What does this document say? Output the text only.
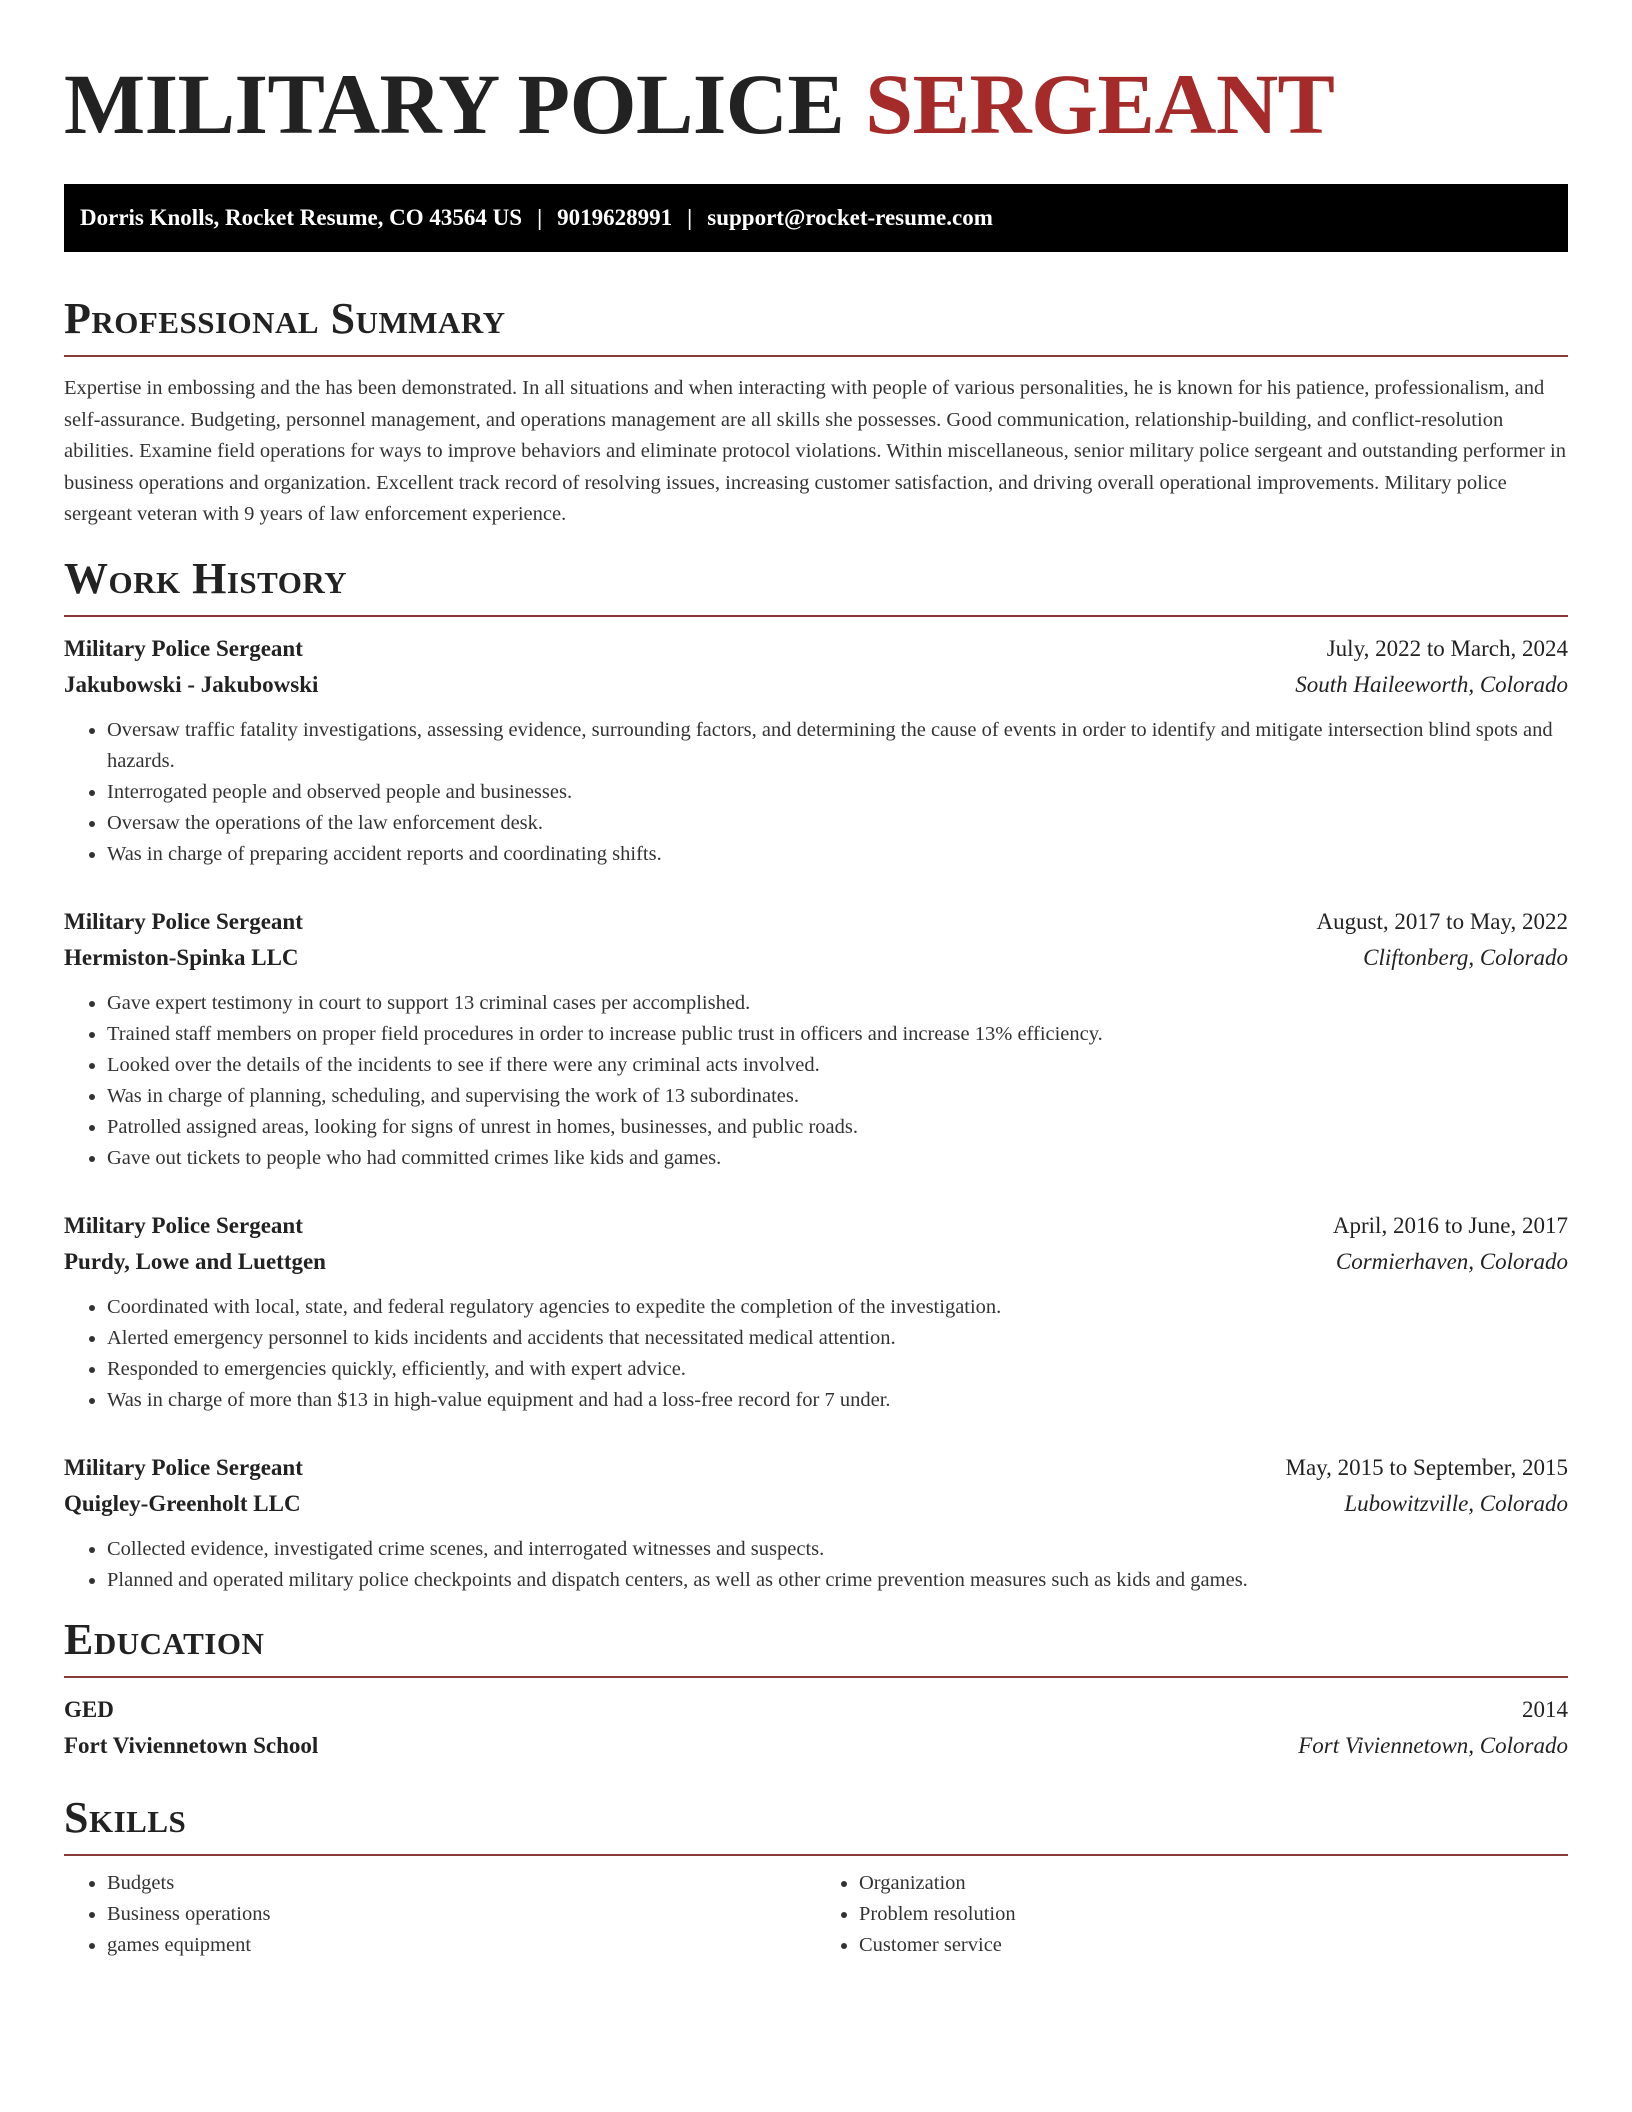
MILITARY POLICE SERGEANT
Dorris Knolls, Rocket Resume, CO 43564 US | 9019628991 | support@rocket-resume.com
Professional Summary

Expertise in embossing and the has been demonstrated. In all situations and when interacting with people of various personalities, he is known for his patience, professionalism, and self-assurance. Budgeting, personnel management, and operations management are all skills she possesses. Good communication, relationship-building, and conflict-resolution abilities. Examine field operations for ways to improve behaviors and eliminate protocol violations. Within miscellaneous, senior military police sergeant and outstanding performer in business operations and organization. Excellent track record of resolving issues, increasing customer satisfaction, and driving overall operational improvements. Military police sergeant veteran with 9 years of law enforcement experience.

Work History
Military Police Sergeant	July, 2022 to March, 2024
Jakubowski - Jakubowski	South Haileeworth, Colorado
• Oversaw traffic fatality investigations, assessing evidence, surrounding factors, and determining the cause of events in order to identify and mitigate intersection blind spots and hazards.
• Interrogated people and observed people and businesses.
• Oversaw the operations of the law enforcement desk.
• Was in charge of preparing accident reports and coordinating shifts.
Military Police Sergeant	August, 2017 to May, 2022
Hermiston-Spinka LLC	Cliftonberg, Colorado
• Gave expert testimony in court to support 13 criminal cases per accomplished.
• Trained staff members on proper field procedures in order to increase public trust in officers and increase 13% efficiency.
• Looked over the details of the incidents to see if there were any criminal acts involved.
• Was in charge of planning, scheduling, and supervising the work of 13 subordinates.
• Patrolled assigned areas, looking for signs of unrest in homes, businesses, and public roads.
• Gave out tickets to people who had committed crimes like kids and games.
Military Police Sergeant	April, 2016 to June, 2017
Purdy, Lowe and Luettgen	Cormierhaven, Colorado
• Coordinated with local, state, and federal regulatory agencies to expedite the completion of the investigation.
• Alerted emergency personnel to kids incidents and accidents that necessitated medical attention.
• Responded to emergencies quickly, efficiently, and with expert advice.
• Was in charge of more than $13 in high-value equipment and had a loss-free record for 7 under.
Military Police Sergeant	May, 2015 to September, 2015
Quigley-Greenholt LLC	Lubowitzville, Colorado
• Collected evidence, investigated crime scenes, and interrogated witnesses and suspects.
• Planned and operated military police checkpoints and dispatch centers, as well as other crime prevention measures such as kids and games.
Education
GED	2014
Fort Viviennetown School	Fort Viviennetown, Colorado
Skills
• Budgets
• Business operations
• games equipment
• Organization
• Problem resolution
• Customer service
